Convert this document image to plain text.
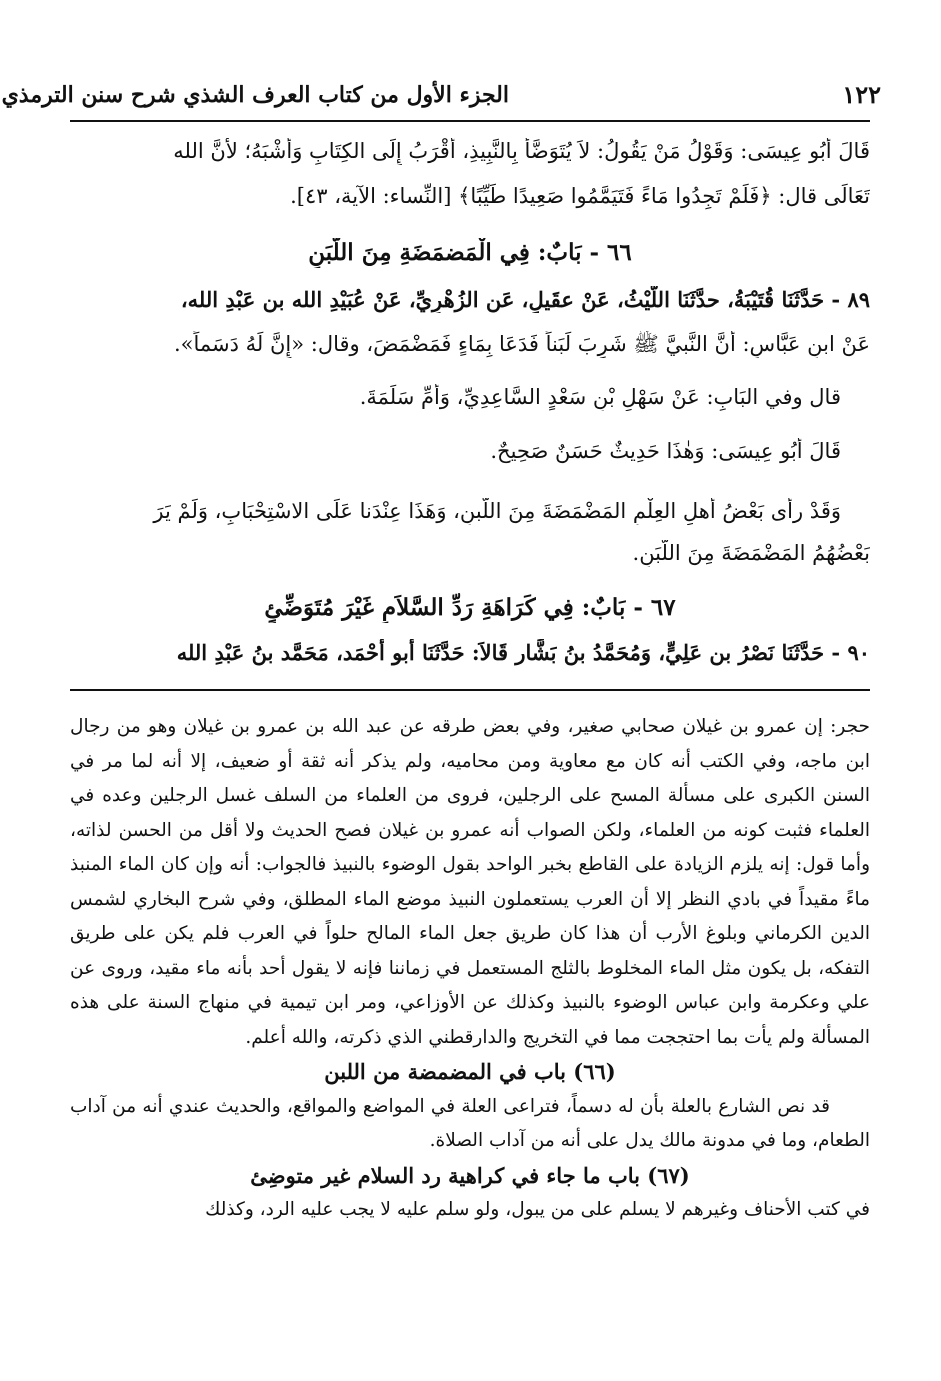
الجزء الأول من كتاب العرف الشذي شرح سنن الترمذي	١٢٢
قَالَ أَبُو عِيسَى: وَقَوْلُ مَنْ يَقُولُ: لاَ يُتَوَضَّأُ بِالنَّبِيذِ، أَقْرَبُ إِلَى الكِتَابِ وَأَشْبَهُ؛ لأَنَّ الله
تَعَالَى قال: ﴿فَلَمْ تَجِدُوا مَاءً فَتَيَمَّمُوا صَعِيدًا طَيِّبًا﴾ [النِّساء: الآية، ٤٣].
٦٦ - بَابٌ: فِي الْمَضمَضَةِ مِنَ اللَّبَنِ
٨٩ - حَدَّثَنَا قُتَيْبَةُ، حدَّثَنَا اللَّيْثُ، عَنْ عقَيلٍ، عَنِ الزُهْرِيِّ، عَنْ عُبَيْدِ الله بن عَبْدِ الله،
عَنْ ابنِ عَبَّاسٍ: أَنَّ النَّبيَّ ﷺ شَرِبَ لَبَناً فَدَعَا بِمَاءٍ فَمَضْمَضَ، وقال: «إِنَّ لَهُ دَسَماً».
قال وفي البَابِ: عَنْ سَهْلِ بْنِ سَعْدٍ السَّاعِدِيِّ، وَأُمِّ سَلَمَةَ.
قَالَ أَبُو عِيسَى: وَهٰذَا حَدِيثٌ حَسَنٌ صَحِيحٌ.
وَقَدْ رأى بَعْضُ أَهلِ العِلْمِ المَضْمَضَةَ مِنَ اللَّبنِ، وَهَذَا عِنْدَنا عَلَى الاسْتِحْبَابِ، وَلَمْ يَرَ
بَعْضُهُمُ المَضْمَضَةَ مِنَ اللَّبَنِ.
٦٧ - بَابٌ: فِي كَرَاهَةِ رَدِّ السَّلاَمِ غَيْرَ مُتَوَضِّئٍ
٩٠ - حَدَّثَنَا نَصْرُ بن عَلِيٍّ، وَمُحَمَّدُ بنُ بَشَّار قَالاَ: حَدَّثَنَا أبو أَحْمَد، مَحَمَّد بنُ عَبْدِ الله

حجر: إن عمرو بن غيلان صحابي صغير، وفي بعض طرقه عن عبد الله بن عمرو بن غيلان وهو من رجال ابن ماجه، وفي الكتب أنه كان مع معاوية ومن محاميه، ولم يذكر أنه ثقة أو ضعيف، إلا أنه لما مر في السنن الكبرى على مسألة المسح على الرجلين، فروى من العلماء من السلف غسل الرجلين وعده في العلماء فثبت كونه من العلماء، ولكن الصواب أنه عمرو بن غيلان فصح الحديث ولا أقل من الحسن لذاته، وأما قول: إنه يلزم الزيادة على القاطع بخبر الواحد بقول الوضوء بالنبيذ فالجواب: أنه وإن كان الماء المنبذ ماءً مقيداً في بادي النظر إلا أن العرب يستعملون النبيذ موضع الماء المطلق، وفي شرح البخاري لشمس الدين الكرماني وبلوغ الأرب أن هذا كان طريق جعل الماء المالح حلواً في العرب فلم يكن على طريق التفكه، بل يكون مثل الماء المخلوط بالثلج المستعمل في زماننا فإنه لا يقول أحد بأنه ماء مقيد، وروى عن علي وعكرمة وابن عباس الوضوء بالنبيذ وكذلك عن الأوزاعي، ومر ابن تيمية في منهاج السنة على هذه المسألة ولم يأت بما احتججت مما في التخريج والدارقطني الذي ذكرته، والله أعلم.

(٦٦) باب في المضمضة من اللبن

قد نص الشارع بالعلة بأن له دسماً، فتراعى العلة في المواضع والمواقع، والحديث عندي أنه من آداب الطعام، وما في مدونة مالك يدل على أنه من آداب الصلاة.

(٦٧) باب ما جاء في كراهية رد السلام غير متوضِئ

في كتب الأحناف وغيرهم لا يسلم على من يبول، ولو سلم عليه لا يجب عليه الرد، وكذلك
